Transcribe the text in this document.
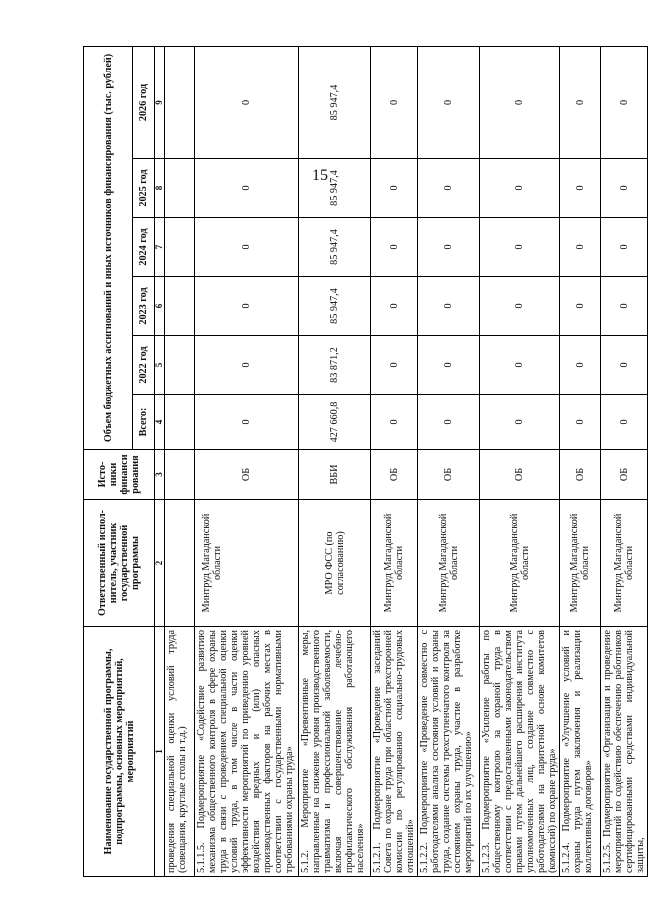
15
Наименование государственной программы, подпрограммы, основных мероприятий, мероприятий	Ответственный испол-нитель, участник государственной программы	Исто-ники финанси рования	Объем бюджетных ассигнований и иных источников финансирования (тыс. рублей)					
			Всего:	2022 год	2023 год	2024 год	2025 год	2026 год
1	2	3	4	5	6	7	8	9
проведения специальной оценки условий труда (совещания, круглые столы и т.д.)								
5.1.1.5. Подмероприятие «Содействие развитию механизма общественного контроля в сфере охраны труда в связи с проведением специальной оценки условий труда, в том числе в части оценки эффективности мероприятий по приведению уровней воздействия вредных и (или) опасных производственных факторов на рабочих местах в соответствии с государственными нормативными требованиями охраны труда»	Минтруд Магаданской области	ОБ	0	0	0	0	0	0
5.1.2. Мероприятие «Превентивные меры, направленные на снижение уровня производственного травматизма и профессиональной заболеваемости, включая совершенствование лечебно-профилактического обслуживания работающего населения»	МРО ФСС (по согласованию)	ВБИ	427 660,8	83 871,2	85 947,4	85 947,4	85 947,4	85 947,4
5.1.2.1. Подмероприятие «Проведение заседаний Совета по охране труда при областной трехсторонней комиссии по регулированию социально-трудовых отношений»	Минтруд Магаданской области	ОБ	0	0	0	0	0	0
5.1.2.2. Подмероприятие «Проведение совместно с работодателями анализа состояния условий и охраны труда, создание системы трехступенчатого контроля за состоянием охраны труда, участие в разработке мероприятий по их улучшению»	Минтруд Магаданской области	ОБ	0	0	0	0	0	0
5.1.2.3. Подмероприятие «Усиление работы по общественному контролю за охраной труда в соответствии с предоставленными законодательством правами путем дальнейшего расширения института уполномоченных лиц, создание совместно с работодателями на паритетной основе комитетов (комиссий) по охране труда»	Минтруд Магаданской области	ОБ	0	0	0	0	0	0
5.1.2.4. Подмероприятие «Улучшение условий и охраны труда путем заключения и реализации коллективных договоров»	Минтруд Магаданской области	ОБ	0	0	0	0	0	0
5.1.2.5. Подмероприятие «Организация и проведение мероприятий по содействию обеспечению работников сертифицированными средствами индивидуальной защиты,	Минтруд Магаданской области	ОБ	0	0	0	0	0	0
